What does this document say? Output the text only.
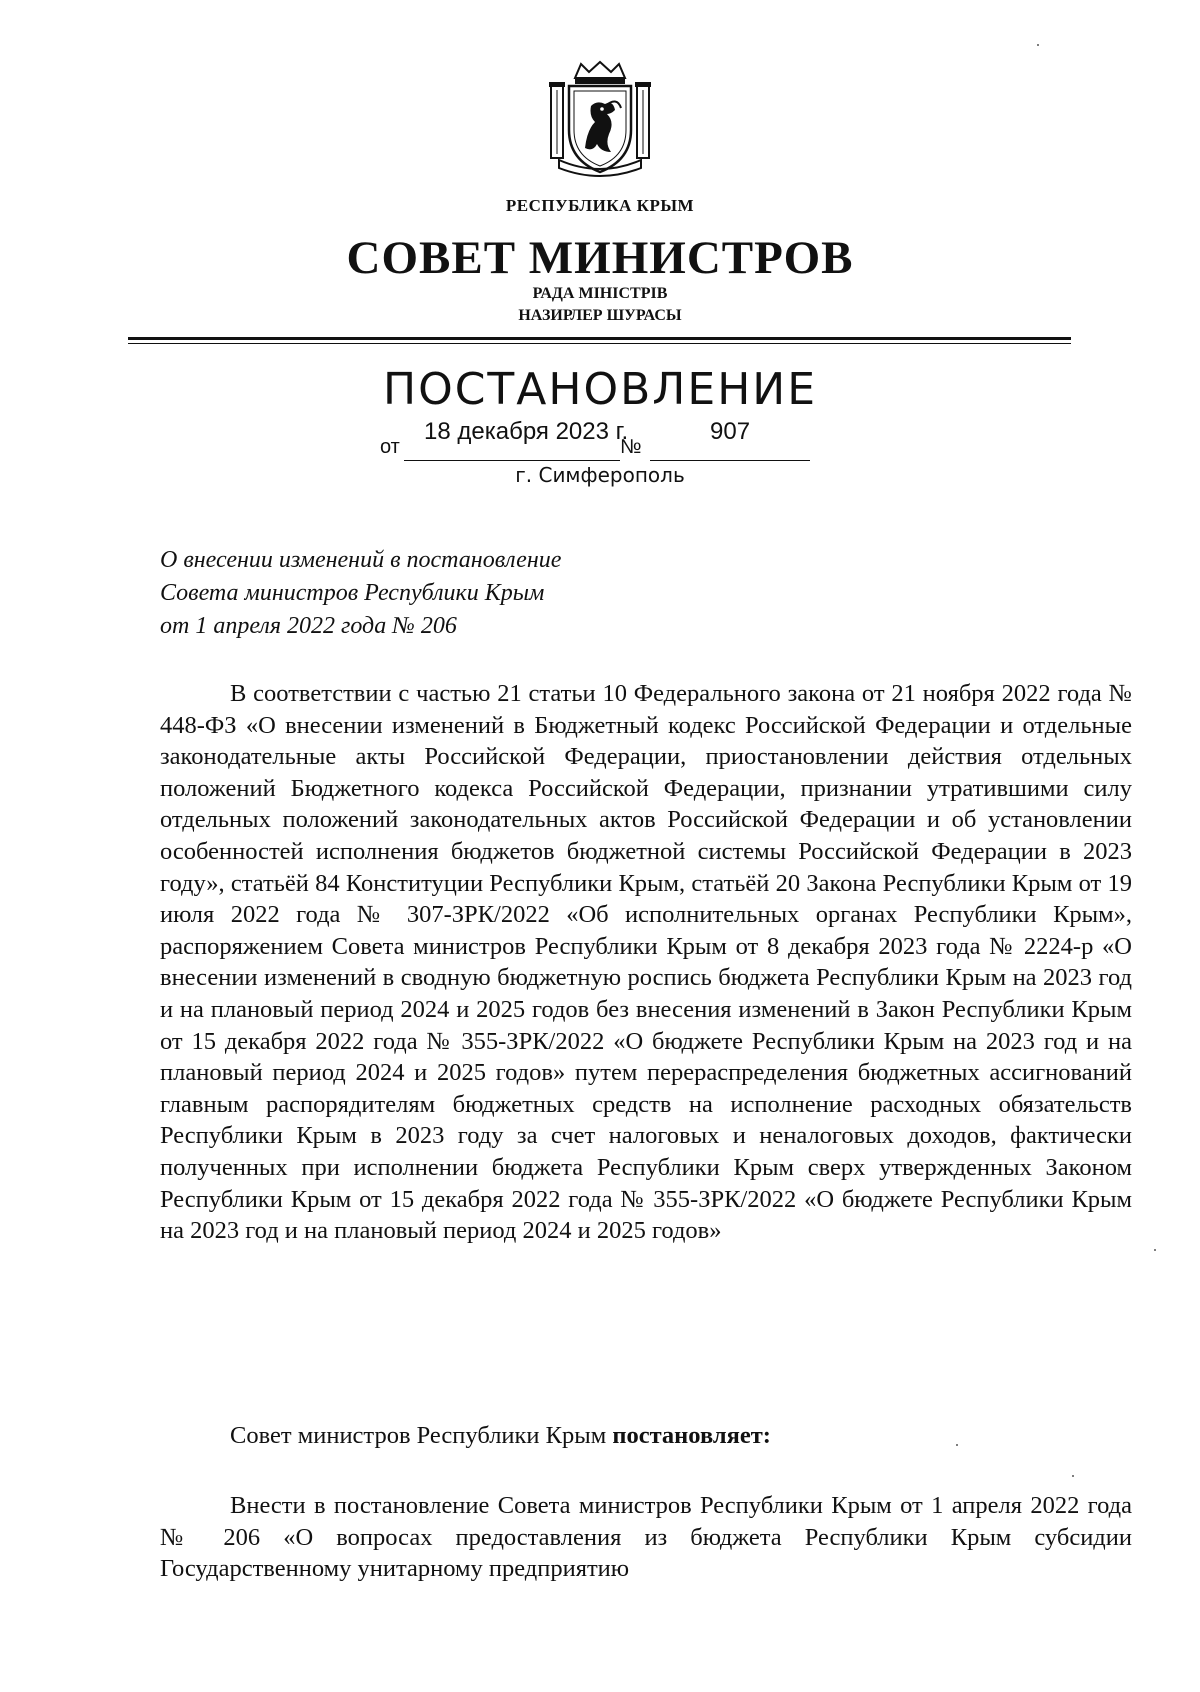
РЕСПУБЛИКА КРЫМ
СОВЕТ МИНИСТРОВ
РАДА МІНІСТРІВ
НАЗИРЛЕР ШУРАСЫ
ПОСТАНОВЛЕНИЕ
от
18 декабря 2023 г.
№
907
г. Симферополь
О внесении изменений в постановление
Совета министров Республики Крым
от 1 апреля 2022 года № 206

В соответствии с частью 21 статьи 10 Федерального закона от 21 ноября 2022 года № 448-ФЗ «О внесении изменений в Бюджетный кодекс Российской Федерации и отдельные законодательные акты Российской Федерации, приостановлении действия отдельных положений Бюджетного кодекса Российской Федерации, признании утратившими силу отдельных положений законодательных актов Российской Федерации и об установлении особенностей исполнения бюджетов бюджетной системы Российской Федерации в 2023 году», статьёй 84 Конституции Республики Крым, статьёй 20 Закона Республики Крым от 19 июля 2022 года № 307-ЗРК/2022 «Об исполнительных органах Республики Крым», распоряжением Совета министров Республики Крым от 8 декабря 2023 года № 2224-р «О внесении изменений в сводную бюджетную роспись бюджета Республики Крым на 2023 год и на плановый период 2024 и 2025 годов без внесения изменений в Закон Республики Крым от 15 декабря 2022 года № 355-ЗРК/2022 «О бюджете Республики Крым на 2023 год и на плановый период 2024 и 2025 годов» путем перераспределения бюджетных ассигнований главным распорядителям бюджетных средств на исполнение расходных обязательств Республики Крым в 2023 году за счет налоговых и неналоговых доходов, фактически полученных при исполнении бюджета Республики Крым сверх утвержденных Законом Республики Крым от 15 декабря 2022 года № 355-ЗРК/2022 «О бюджете Республики Крым на 2023 год и на плановый период 2024 и 2025 годов»

Совет министров Республики Крым постановляет:

Внести в постановление Совета министров Республики Крым от 1 апреля 2022 года № 206 «О вопросах предоставления из бюджета Республики Крым субсидии Государственному унитарному предприятию
